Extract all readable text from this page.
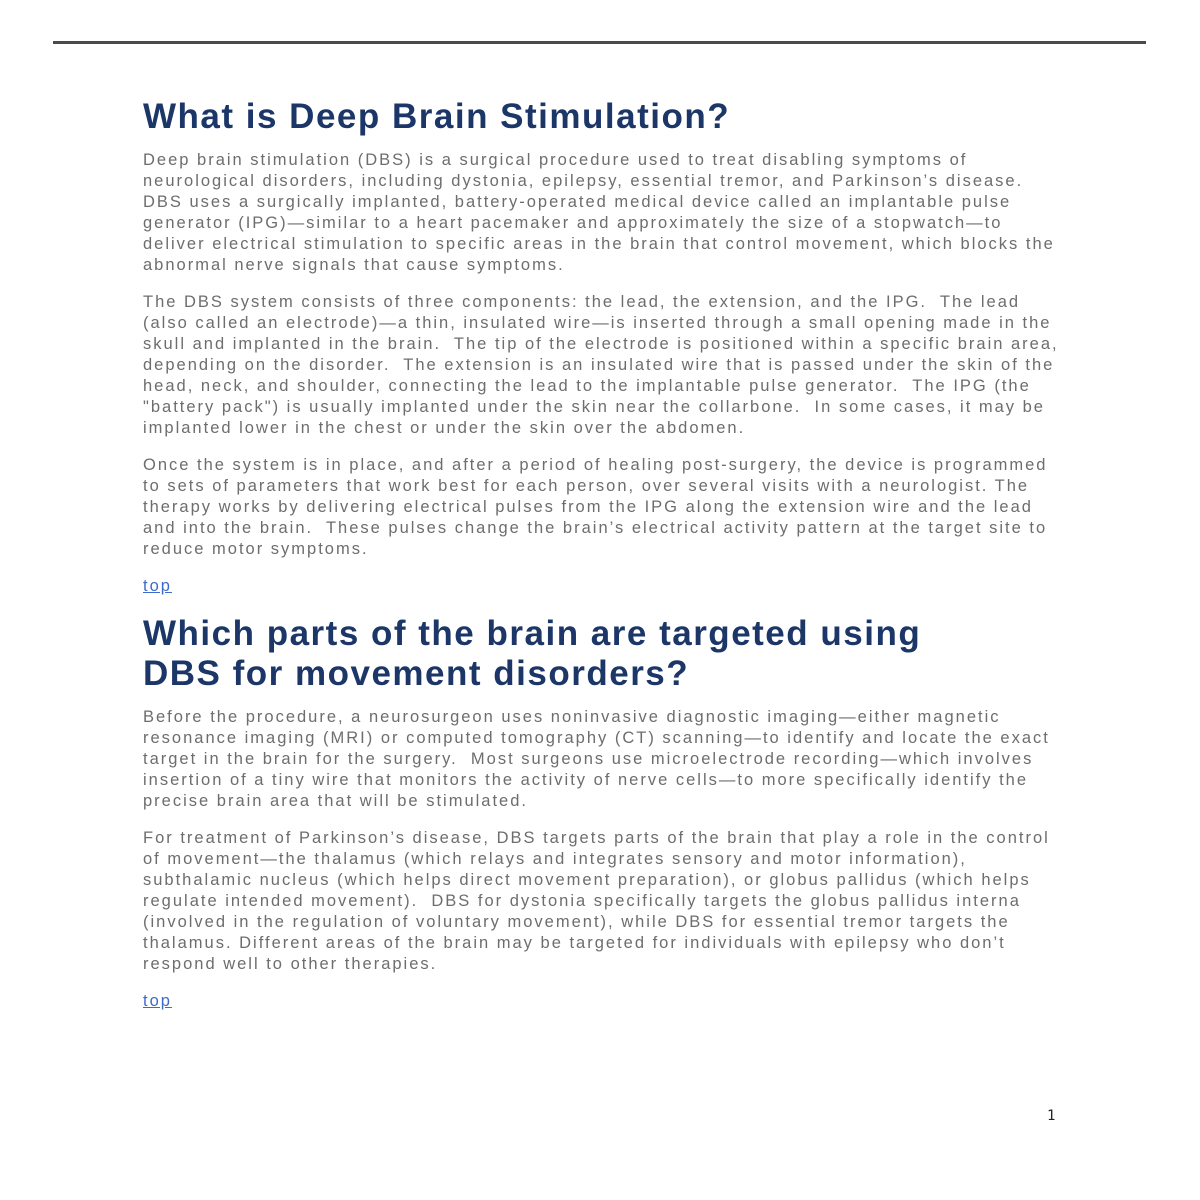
What is Deep Brain Stimulation?

Deep brain stimulation (DBS) is a surgical procedure used to treat disabling symptoms of neurological disorders, including dystonia, epilepsy, essential tremor, and Parkinson’s disease.  DBS uses a surgically implanted, battery-operated medical device called an implantable pulse generator (IPG)—similar to a heart pacemaker and approximately the size of a stopwatch—to deliver electrical stimulation to specific areas in the brain that control movement, which blocks the abnormal nerve signals that cause symptoms.

The DBS system consists of three components: the lead, the extension, and the IPG.  The lead (also called an electrode)—a thin, insulated wire—is inserted through a small opening made in the skull and implanted in the brain.  The tip of the electrode is positioned within a specific brain area, depending on the disorder.  The extension is an insulated wire that is passed under the skin of the head, neck, and shoulder, connecting the lead to the implantable pulse generator.  The IPG (the "battery pack") is usually implanted under the skin near the collarbone.  In some cases, it may be implanted lower in the chest or under the skin over the abdomen.

Once the system is in place, and after a period of healing post-surgery, the device is programmed to sets of parameters that work best for each person, over several visits with a neurologist. The therapy works by delivering electrical pulses from the IPG along the extension wire and the lead and into the brain.  These pulses change the brain’s electrical activity pattern at the target site to reduce motor symptoms.

top
Which parts of the brain are targeted using
DBS for movement disorders?

Before the procedure, a neurosurgeon uses noninvasive diagnostic imaging—either magnetic resonance imaging (MRI) or computed tomography (CT) scanning—to identify and locate the exact target in the brain for the surgery.  Most surgeons use microelectrode recording—which involves insertion of a tiny wire that monitors the activity of nerve cells—to more specifically identify the precise brain area that will be stimulated.

For treatment of Parkinson’s disease, DBS targets parts of the brain that play a role in the control of movement—the thalamus (which relays and integrates sensory and motor information), subthalamic nucleus (which helps direct movement preparation), or globus pallidus (which helps regulate intended movement).  DBS for dystonia specifically targets the globus pallidus interna (involved in the regulation of voluntary movement), while DBS for essential tremor targets the thalamus. Different areas of the brain may be targeted for individuals with epilepsy who don’t respond well to other therapies.

top
1
